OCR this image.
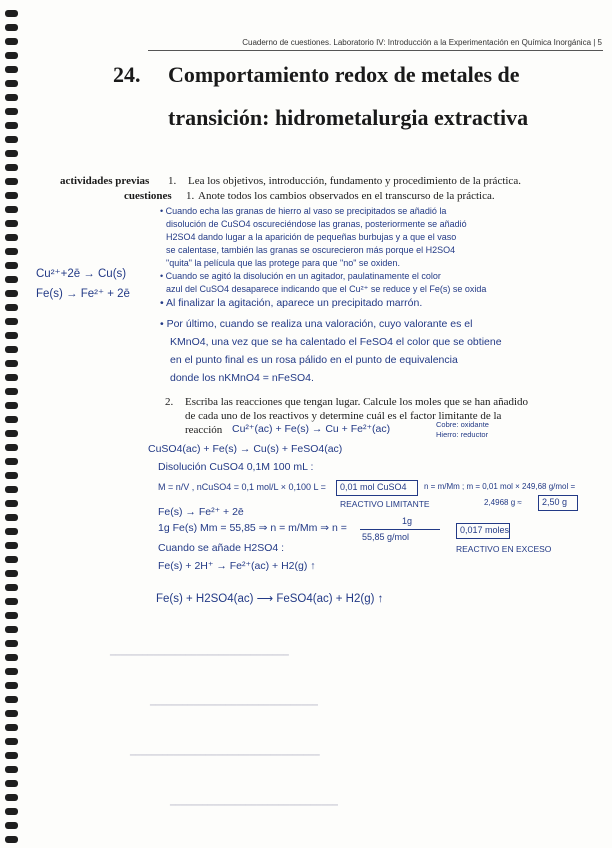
Cuaderno de cuestiones. Laboratorio IV: Introducción a la Experimentación en Química Inorgánica | 5
24. Comportamiento redox de metales de
transición: hidrometalurgia extractiva
actividades previas 1. Lea los objetivos, introducción, fundamento y procedimiento de la práctica.
cuestiones 1. Anote todos los cambios observados en el transcurso de la práctica.
Cu²⁺+2ē → Cu(s)
Fe(s) → Fe²⁺ + 2ē
• Cuando echa las granas de hierro al vaso se precipitados se añadió la
disolución de CuSO4 oscureciéndose las granas, posteriormente se añadió
H2SO4 dando lugar a la aparición de pequeñas burbujas y a que el vaso
se calentase, también las granas se oscurecieron más porque el H2SO4
"quita" la película que las protege para que "no" se oxiden.
• Cuando se agitó la disolución en un agitador, paulatinamente el color
azul del CuSO4 desaparece indicando que el Cu²⁺ se reduce y el Fe(s) se oxida
• Al finalizar la agitación, aparece un precipitado marrón.
• Por último, cuando se realiza una valoración, cuyo valorante es el
KMnO4, una vez que se ha calentado el FeSO4 el color que se obtiene
en el punto final es un rosa pálido en el punto de equivalencia
donde los nKMnO4 = nFeSO4.
2. Escriba las reacciones que tengan lugar. Calcule los moles que se han añadido
de cada uno de los reactivos y determine cuál es el factor limitante de la
reacción Cu²⁺(ac) + Fe(s) → Cu + Fe²⁺(ac)	Cobre: oxidante
Hierro: reductor
CuSO4(ac) + Fe(s) → Cu(s) + FeSO4(ac)
Disolución CuSO4 0,1M 100 mL :
M = n/V , nCuSO4 = 0,1 mol/L × 0,100 L = 0,01 mol CuSO4
REACTIVO LIMITANTE
n = m/Mm ; m = 0,01 mol × 249,68 g/mol =
2,4968 g ≈ 2,50 g
Fe(s) → Fe²⁺ + 2ē
1g Fe(s) Mm = 55,85 ⇒ n = m/Mm ⇒ n =
1g
55,85 g/mol
0,017 moles
REACTIVO EN EXCESO
Cuando se añade H2SO4 :
Fe(s) + 2H⁺ → Fe²⁺(ac) + H2(g) ↑
Fe(s) + H2SO4(ac) ⟶ FeSO4(ac) + H2(g) ↑
━━━━━━━━━━━━━━━━━━━━━━━━━━━━━━━━━
━━━━━━━━━━━━━━━━━━━━━━━━━━━━━━━
━━━━━━━━━━━━━━━━━━━━━━━━━━━━━━━━━━━
━━━━━━━━━━━━━━━━━━━━━━━━━━━━━━━
